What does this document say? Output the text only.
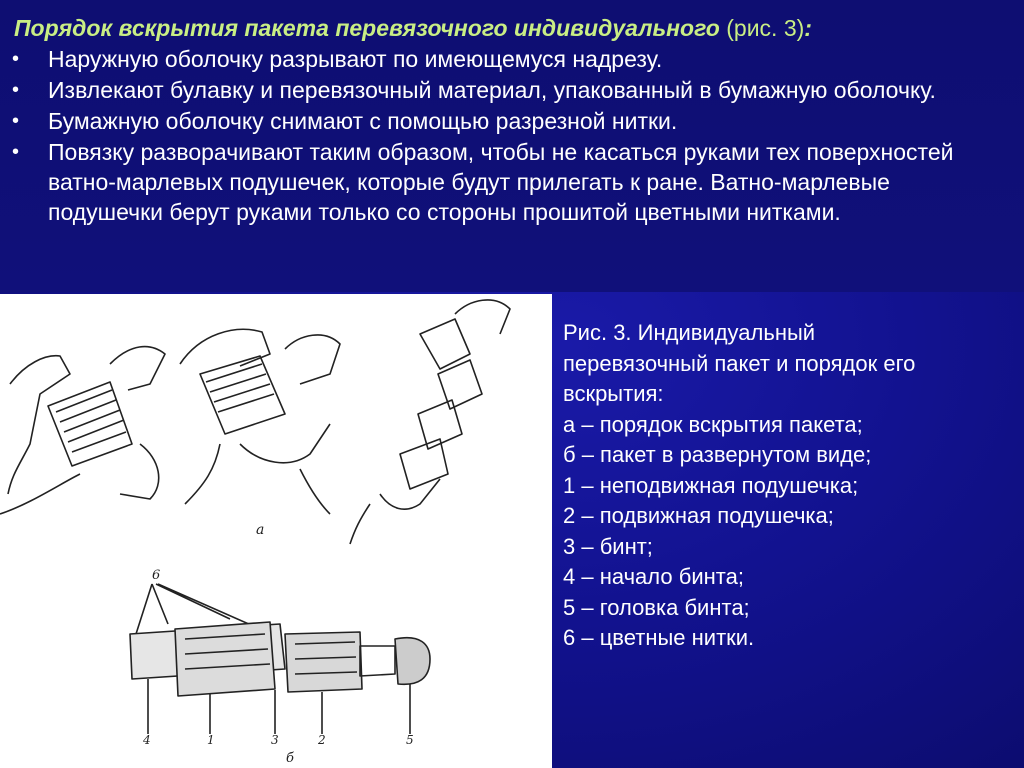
Порядок вскрытия пакета перевязочного индивидуального (рис. 3):
• Наружную оболочку разрывают по имеющемуся надрезу.
• Извлекают булавку и перевязочный материал, упакованный в бумажную оболочку.
• Бумажную оболочку снимают с помощью разрезной нитки.
• Повязку разворачивают таким образом, чтобы не касаться руками тех поверхностей ватно-марлевых подушечек, которые будут прилегать к ране. Ватно-марлевые подушечки берут руками только со стороны прошитой цветными нитками.
а
6
4	1	3	2	5
б
Рис. 3. Индивидуальный
перевязочный пакет и порядок его
вскрытия:
а – порядок вскрытия пакета;
б – пакет в развернутом виде;
1 – неподвижная подушечка;
2 – подвижная подушечка;
3 – бинт;
4 – начало бинта;
5 – головка бинта;
6 – цветные нитки.
